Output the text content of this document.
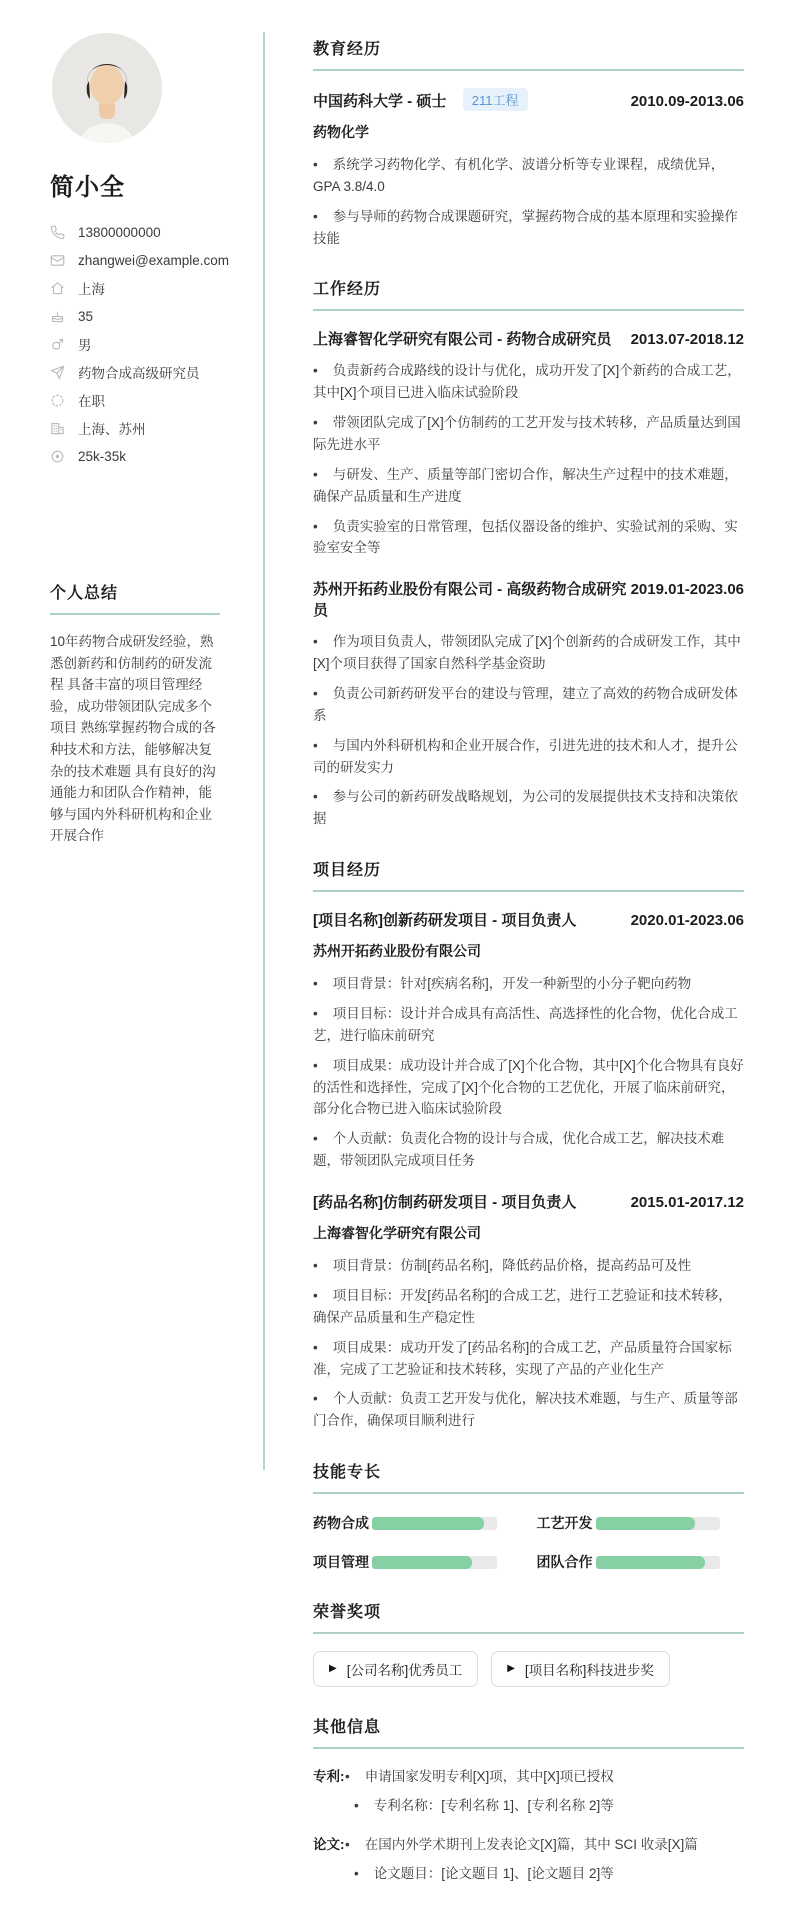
简小全
13800000000
zhangwei@example.com
上海
35
男
药物合成高级研究员
在职
上海、苏州
25k-35k
个人总结
10年药物合成研发经验，熟悉创新药和仿制药的研发流程 具备丰富的项目管理经验，成功带领团队完成多个项目 熟练掌握药物合成的各种技术和方法，能够解决复杂的技术难题 具有良好的沟通能力和团队合作精神，能够与国内外科研机构和企业开展合作
教育经历
中国药科大学 - 硕士 211工程	2010.09-2013.06
药物化学

• 系统学习药物化学、有机化学、波谱分析等专业课程，成绩优异，GPA 3.8/4.0

• 参与导师的药物合成课题研究，掌握药物合成的基本原理和实验操作技能

工作经历
上海睿智化学研究有限公司 - 药物合成研究员 2013.07-2018.12

• 负责新药合成路线的设计与优化，成功开发了[X]个新药的合成工艺，其中[X]个项目已进入临床试验阶段

• 带领团队完成了[X]个仿制药的工艺开发与技术转移，产品质量达到国际先进水平

• 与研发、生产、质量等部门密切合作，解决生产过程中的技术难题，确保产品质量和生产进度

• 负责实验室的日常管理，包括仪器设备的维护、实验试剂的采购、实验室安全等

苏州开拓药业股份有限公司 - 高级药物合成研究员
2019.01-2023.06

• 作为项目负责人，带领团队完成了[X]个创新药的合成研发工作，其中[X]个项目获得了国家自然科学基金资助

• 负责公司新药研发平台的建设与管理，建立了高效的药物合成研发体系

• 与国内外科研机构和企业开展合作，引进先进的技术和人才，提升公司的研发实力

• 参与公司的新药研发战略规划，为公司的发展提供技术支持和决策依据

项目经历
[项目名称]创新药研发项目 - 项目负责人	2020.01-2023.06
苏州开拓药业股份有限公司

• 项目背景：针对[疾病名称]，开发一种新型的小分子靶向药物

• 项目目标：设计并合成具有高活性、高选择性的化合物，优化合成工艺，进行临床前研究

• 项目成果：成功设计并合成了[X]个化合物，其中[X]个化合物具有良好的活性和选择性，完成了[X]个化合物的工艺优化，开展了临床前研究，部分化合物已进入临床试验阶段

• 个人贡献：负责化合物的设计与合成，优化合成工艺，解决技术难题，带领团队完成项目任务

[药品名称]仿制药研发项目 - 项目负责人	2015.01-2017.12
上海睿智化学研究有限公司

• 项目背景：仿制[药品名称]，降低药品价格，提高药品可及性

• 项目目标：开发[药品名称]的合成工艺，进行工艺验证和技术转移，确保产品质量和生产稳定性

• 项目成果：成功开发了[药品名称]的合成工艺，产品质量符合国家标准，完成了工艺验证和技术转移，实现了产品的产业化生产

• 个人贡献：负责工艺开发与优化，解决技术难题，与生产、质量等部门合作，确保项目顺利进行

技能专长
药物合成	工艺开发
项目管理	团队合作
荣誉奖项
▶
[公司名称]优秀员工 ▶	[项目名称]科技进步奖
其他信息
专利: •	申请国家发明专利[X]项，其中[X]项已授权

• 专利名称：[专利名称 1]、[专利名称 2]等

论文: •	在国内外学术期刊上发表论文[X]篇，其中 SCI 收录[X]篇

• 论文题目：[论文题目 1]、[论文题目 2]等
